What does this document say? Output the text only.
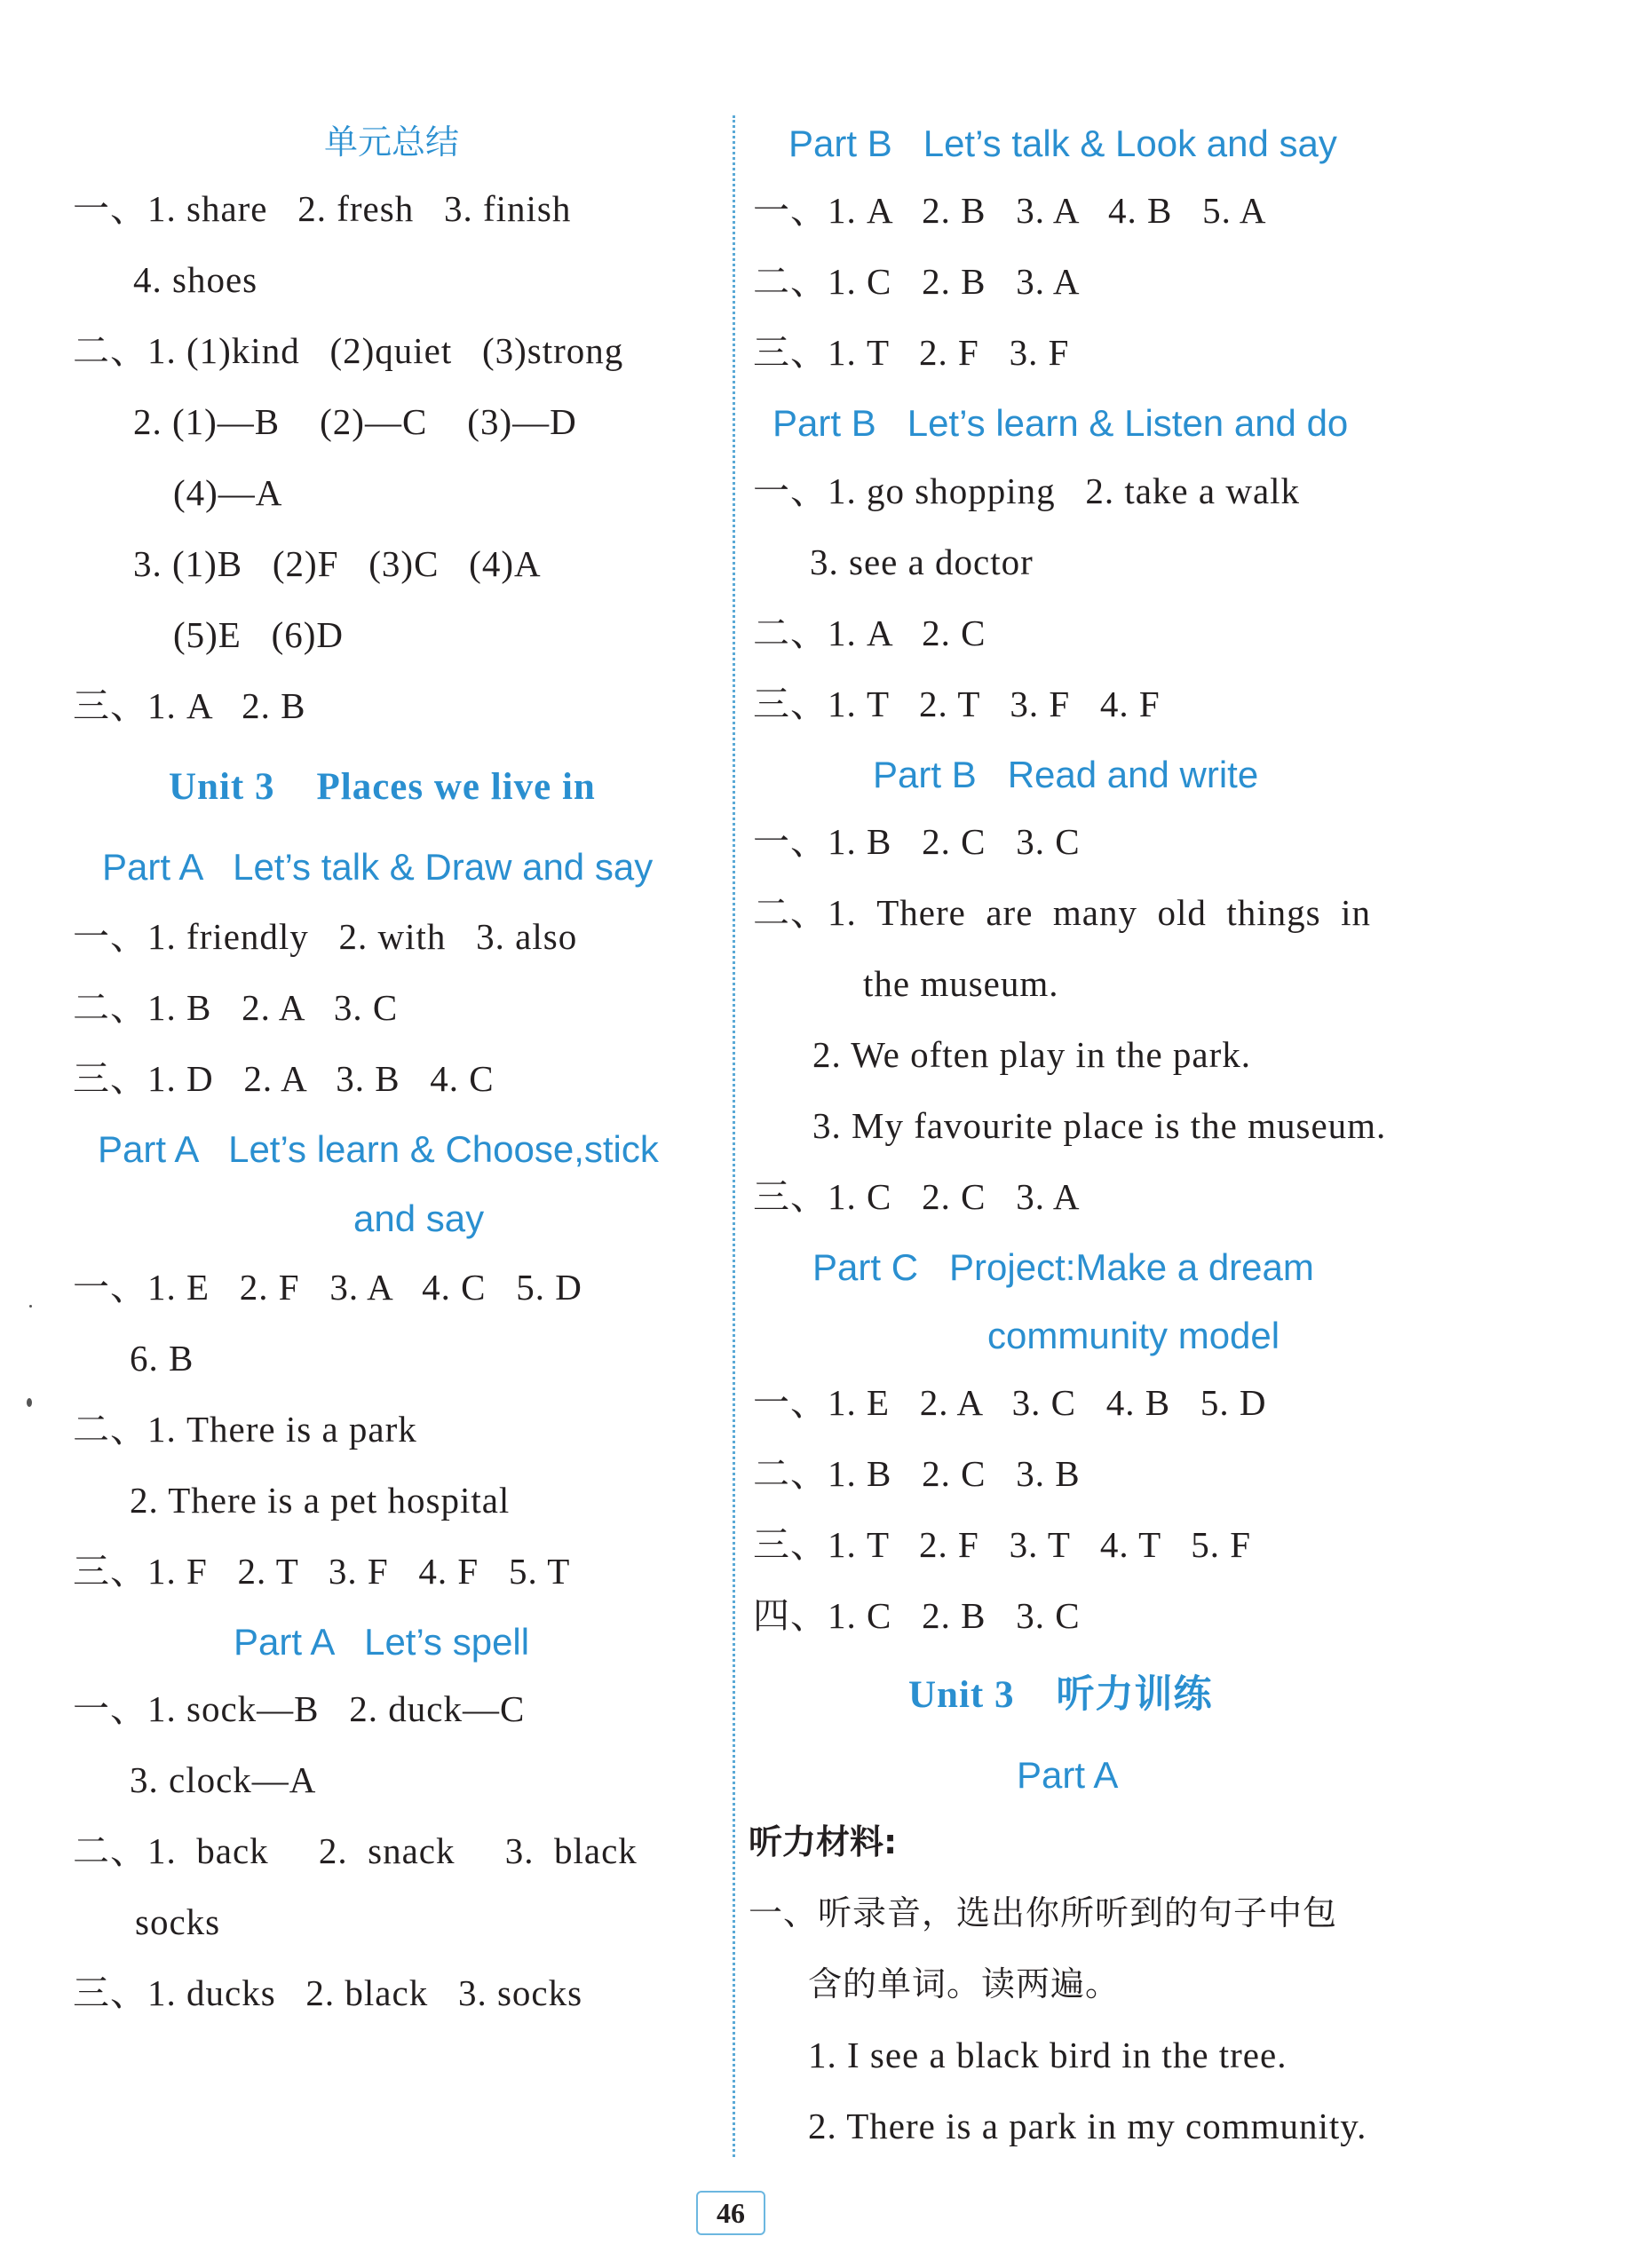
单元总结
一、1. share   2. fresh   3. finish
4. shoes
二、1. (1)kind   (2)quiet   (3)strong
2. (1)—B    (2)—C    (3)—D
(4)—A
3. (1)B   (2)F   (3)C   (4)A
(5)E   (6)D
三、1. A   2. B
Unit 3    Places we live in
Part A   Let’s talk & Draw and say
一、1. friendly   2. with   3. also
二、1. B   2. A   3. C
三、1. D   2. A   3. B   4. C
Part A   Let’s learn & Choose,stick
and say
一、1. E   2. F   3. A   4. C   5. D
6. B
二、1. There is a park
2. There is a pet hospital
三、1. F   2. T   3. F   4. F   5. T
Part A   Let’s spell
一、1. sock—B   2. duck—C
3. clock—A
二、1.  back     2.  snack     3.  black
socks
三、1. ducks   2. black   3. socks
Part B   Let’s talk & Look and say
一、1. A   2. B   3. A   4. B   5. A
二、1. C   2. B   3. A
三、1. T   2. F   3. F
Part B   Let’s learn & Listen and do
一、1. go shopping   2. take a walk
3. see a doctor
二、1. A   2. C
三、1. T   2. T   3. F   4. F
Part B   Read and write
一、1. B   2. C   3. C
二、1.  There  are  many  old  things  in
the museum.
2. We often play in the park.
3. My favourite place is the museum.
三、1. C   2. C   3. A
Part C   Project:Make a dream
community model
一、1. E   2. A   3. C   4. B   5. D
二、1. B   2. C   3. B
三、1. T   2. F   3. T   4. T   5. F
四、1. C   2. B   3. C
Unit 3    听力训练
Part A
听力材料:
一、听录音，选出你所听到的句子中包
含的单词。读两遍。
1. I see a black bird in the tree.
2. There is a park in my community.
46
